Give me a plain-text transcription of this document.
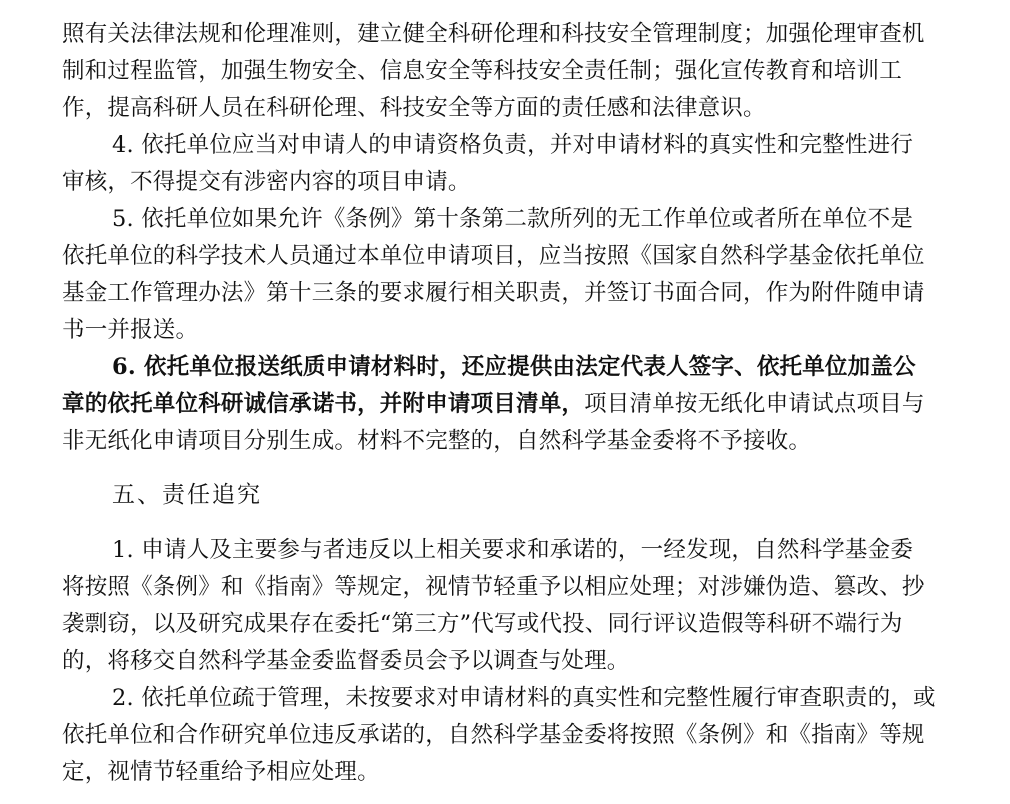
照有关法律法规和伦理准则，建立健全科研伦理和科技安全管理制度；加强伦理审查机
制和过程监管，加强生物安全、信息安全等科技安全责任制；强化宣传教育和培训工
作，提高科研人员在科研伦理、科技安全等方面的责任感和法律意识。
4. 依托单位应当对申请人的申请资格负责，并对申请材料的真实性和完整性进行
审核，不得提交有涉密内容的项目申请。
5. 依托单位如果允许《条例》第十条第二款所列的无工作单位或者所在单位不是
依托单位的科学技术人员通过本单位申请项目，应当按照《国家自然科学基金依托单位
基金工作管理办法》第十三条的要求履行相关职责，并签订书面合同，作为附件随申请
书一并报送。
6. 依托单位报送纸质申请材料时，还应提供由法定代表人签字、依托单位加盖公
章的依托单位科研诚信承诺书，并附申请项目清单，项目清单按无纸化申请试点项目与
非无纸化申请项目分别生成。材料不完整的，自然科学基金委将不予接收。
五、责任追究
1. 申请人及主要参与者违反以上相关要求和承诺的，一经发现，自然科学基金委
将按照《条例》和《指南》等规定，视情节轻重予以相应处理；对涉嫌伪造、篡改、抄
袭剽窃，以及研究成果存在委托“第三方”代写或代投、同行评议造假等科研不端行为
的，将移交自然科学基金委监督委员会予以调查与处理。
2. 依托单位疏于管理，未按要求对申请材料的真实性和完整性履行审查职责的，或
依托单位和合作研究单位违反承诺的，自然科学基金委将按照《条例》和《指南》等规
定，视情节轻重给予相应处理。
